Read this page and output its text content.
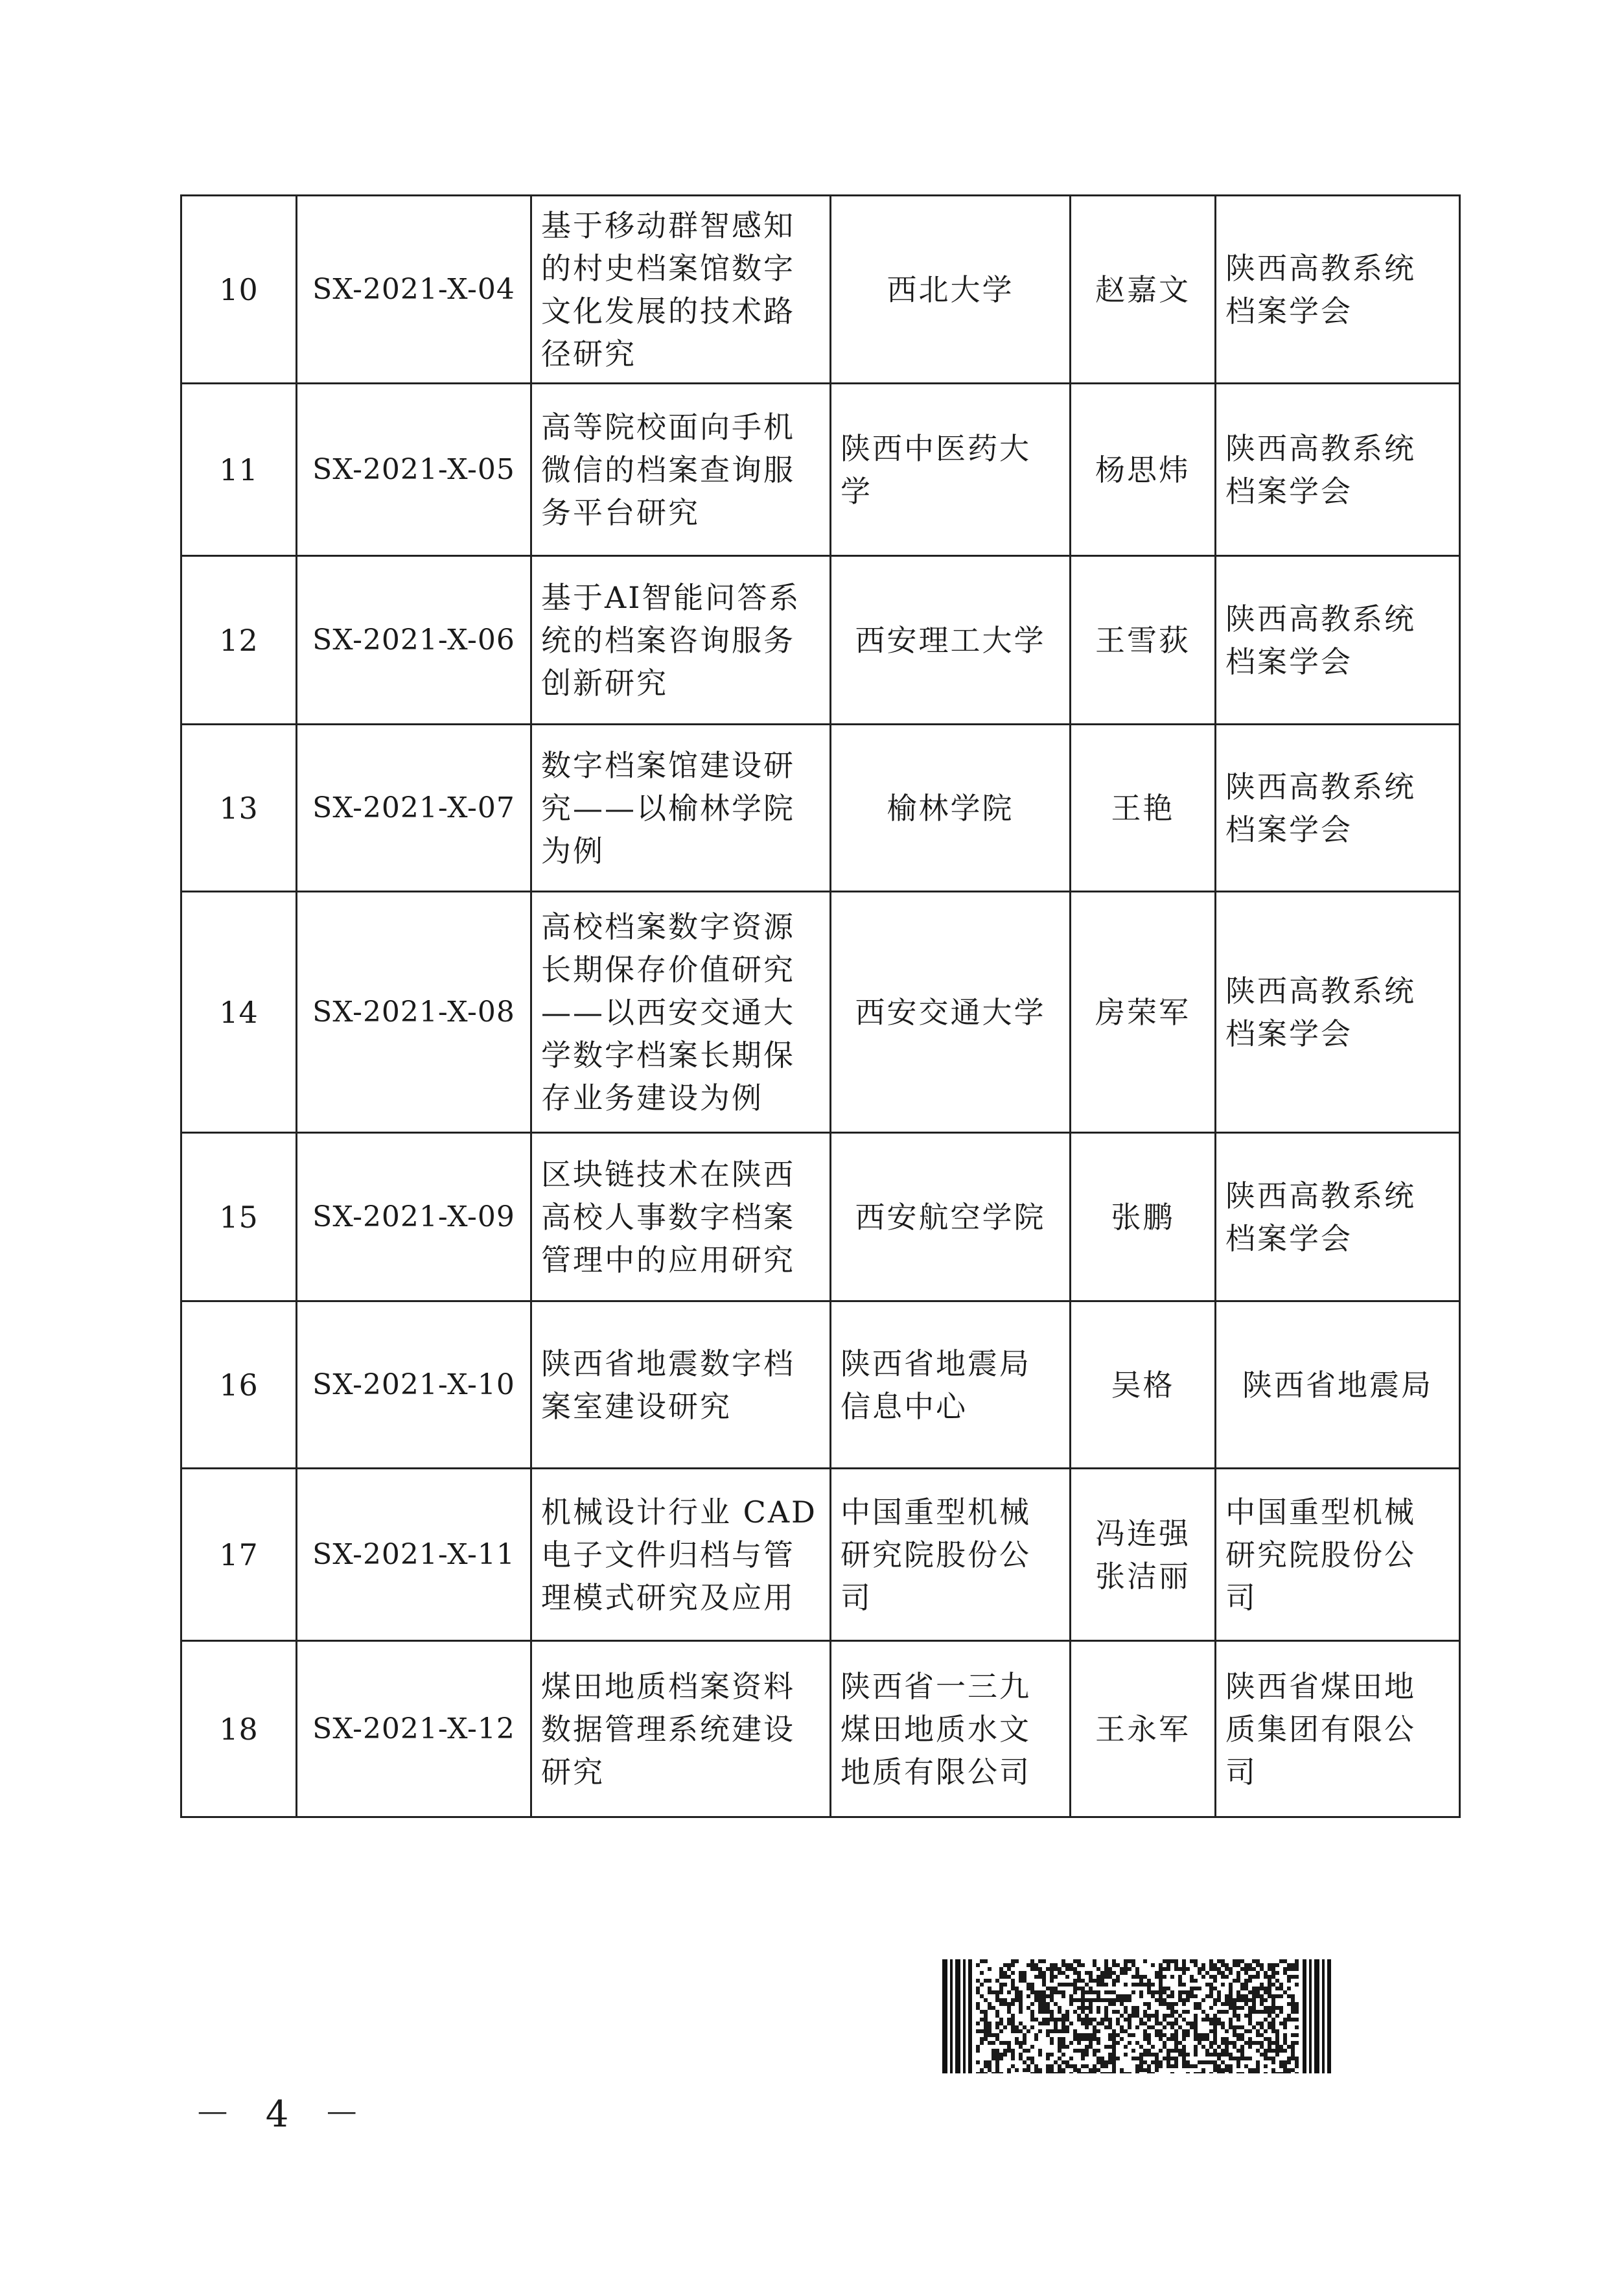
10	SX-2021-X-04	基于移动群智感知
的村史档案馆数字
文化发展的技术路
径研究	西北大学	赵嘉文	陕西高教系统
档案学会

11	SX-2021-X-05	高等院校面向手机
微信的档案查询服
务平台研究	陕西中医药大
学	杨思炜	陕西高教系统
档案学会

12	SX-2021-X-06	基于AI智能问答系
统的档案咨询服务
创新研究	西安理工大学	王雪荻	陕西高教系统
档案学会

13	SX-2021-X-07	数字档案馆建设研
究——以榆林学院
为例	榆林学院	王艳	陕西高教系统
档案学会

14	SX-2021-X-08	高校档案数字资源
长期保存价值研究
——以西安交通大
学数字档案长期保
存业务建设为例	西安交通大学	房荣军	陕西高教系统
档案学会

15	SX-2021-X-09	区块链技术在陕西
高校人事数字档案
管理中的应用研究	西安航空学院	张鹏	陕西高教系统
档案学会

16	SX-2021-X-10	陕西省地震数字档
案室建设研究	陕西省地震局
信息中心	吴格	陕西省地震局

17	SX-2021-X-11	机械设计行业 CAD
电子文件归档与管
理模式研究及应用	中国重型机械
研究院股份公
司	冯连强
张洁丽	中国重型机械
研究院股份公
司

18	SX-2021-X-12	煤田地质档案资料
数据管理系统建设
研究	陕西省一三九
煤田地质水文
地质有限公司	王永军	陕西省煤田地
质集团有限公
司
－ 4 －
